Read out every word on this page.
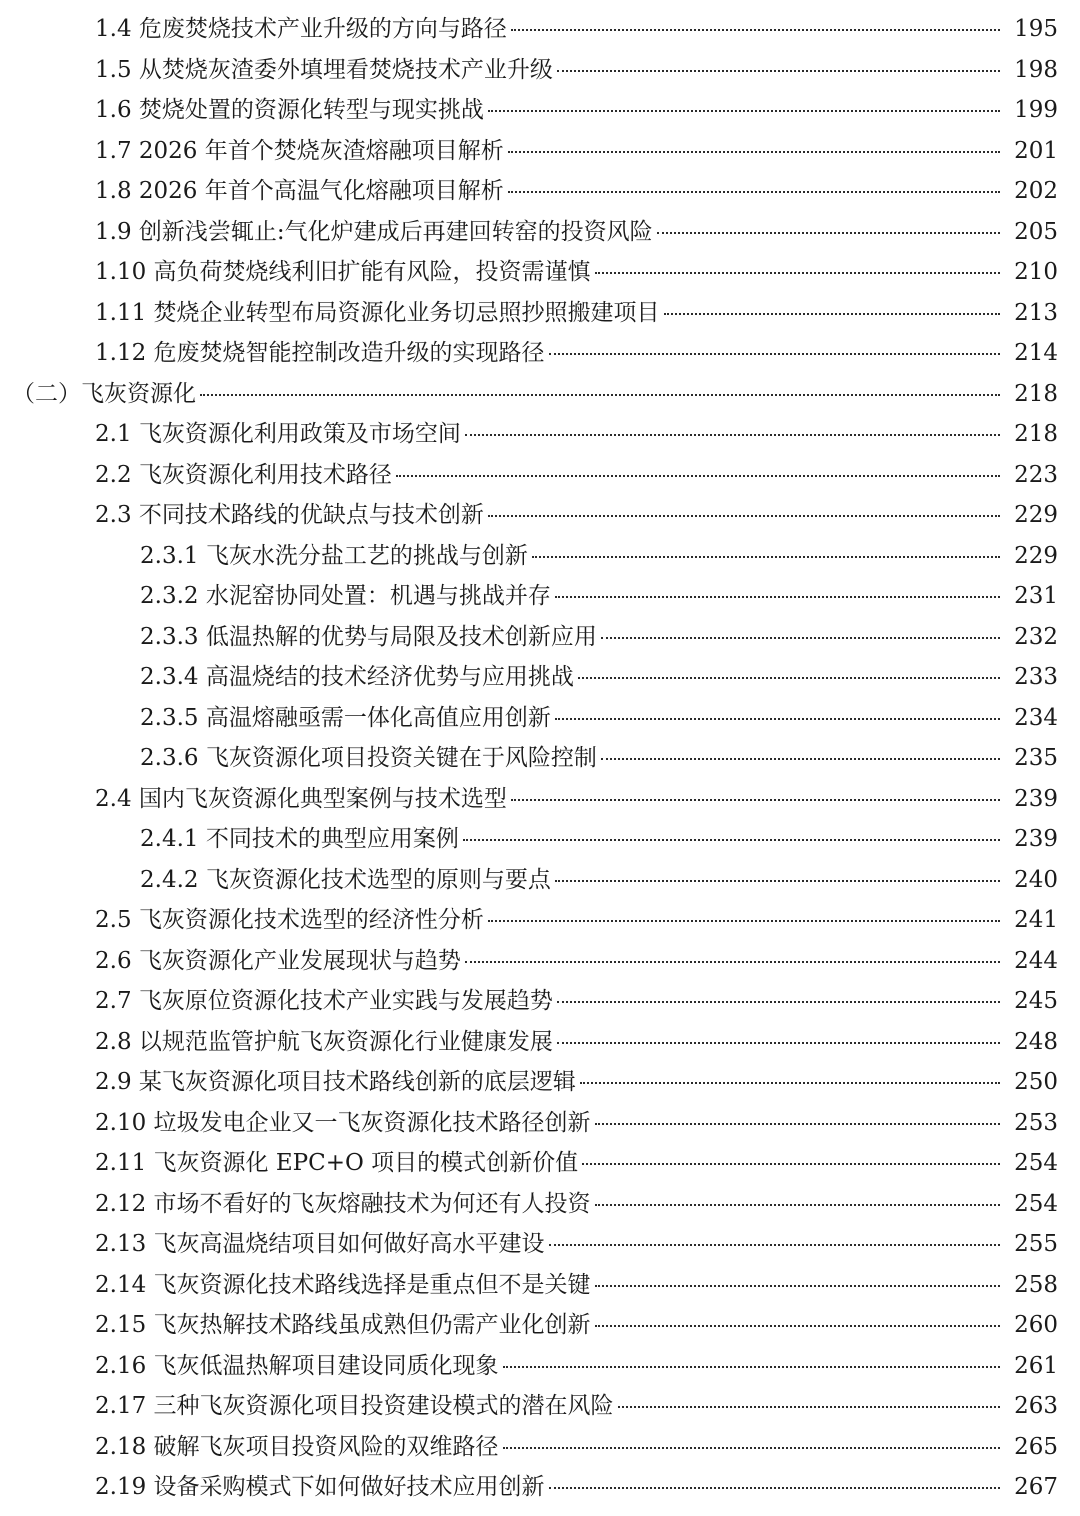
1.4 危废焚烧技术产业升级的方向与路径	195
1.5 从焚烧灰渣委外填埋看焚烧技术产业升级	198
1.6 焚烧处置的资源化转型与现实挑战	199
1.7 2026 年首个焚烧灰渣熔融项目解析	201
1.8 2026 年首个高温气化熔融项目解析	202
1.9 创新浅尝辄止:气化炉建成后再建回转窑的投资风险	205
1.10 高负荷焚烧线利旧扩能有风险，投资需谨慎	210
1.11 焚烧企业转型布局资源化业务切忌照抄照搬建项目	213
1.12 危废焚烧智能控制改造升级的实现路径	214
（二）飞灰资源化	218
2.1 飞灰资源化利用政策及市场空间	218
2.2 飞灰资源化利用技术路径	223
2.3 不同技术路线的优缺点与技术创新	229
2.3.1 飞灰水洗分盐工艺的挑战与创新	229
2.3.2 水泥窑协同处置：机遇与挑战并存	231
2.3.3 低温热解的优势与局限及技术创新应用	232
2.3.4 高温烧结的技术经济优势与应用挑战	233
2.3.5 高温熔融亟需一体化高值应用创新	234
2.3.6 飞灰资源化项目投资关键在于风险控制	235
2.4 国内飞灰资源化典型案例与技术选型	239
2.4.1 不同技术的典型应用案例	239
2.4.2 飞灰资源化技术选型的原则与要点	240
2.5 飞灰资源化技术选型的经济性分析	241
2.6 飞灰资源化产业发展现状与趋势	244
2.7 飞灰原位资源化技术产业实践与发展趋势	245
2.8 以规范监管护航飞灰资源化行业健康发展	248
2.9 某飞灰资源化项目技术路线创新的底层逻辑	250
2.10 垃圾发电企业又一飞灰资源化技术路径创新	253
2.11 飞灰资源化 EPC+O 项目的模式创新价值	254
2.12 市场不看好的飞灰熔融技术为何还有人投资	254
2.13 飞灰高温烧结项目如何做好高水平建设	255
2.14 飞灰资源化技术路线选择是重点但不是关键	258
2.15 飞灰热解技术路线虽成熟但仍需产业化创新	260
2.16 飞灰低温热解项目建设同质化现象	261
2.17 三种飞灰资源化项目投资建设模式的潜在风险	263
2.18 破解飞灰项目投资风险的双维路径	265
2.19 设备采购模式下如何做好技术应用创新	267
